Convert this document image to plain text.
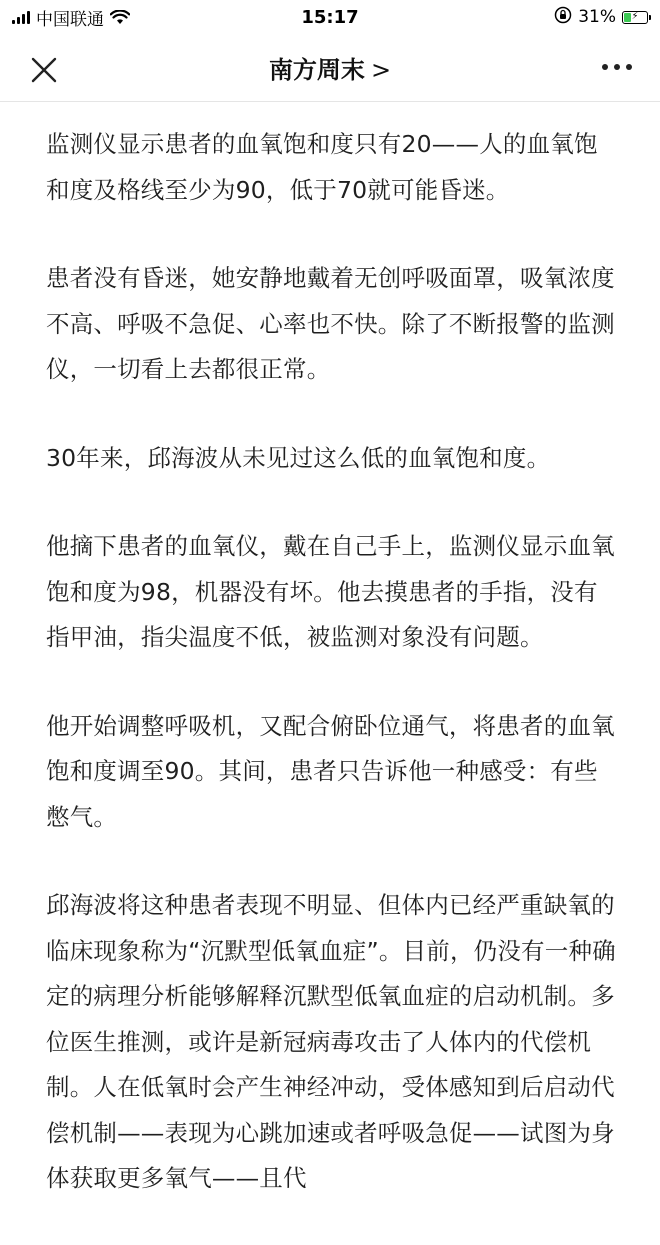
中国联通	15:17	31%	⚡
南方周末 >

监测仪显示患者的血氧饱和度只有20——人的血氧饱和度及格线至少为90，低于70就可能昏迷。

患者没有昏迷，她安静地戴着无创呼吸面罩，吸氧浓度不高、呼吸不急促、心率也不快。除了不断报警的监测仪，一切看上去都很正常。

30年来，邱海波从未见过这么低的血氧饱和度。

他摘下患者的血氧仪，戴在自己手上，监测仪显示血氧饱和度为98，机器没有坏。他去摸患者的手指，没有指甲油，指尖温度不低，被监测对象没有问题。

他开始调整呼吸机，又配合俯卧位通气，将患者的血氧饱和度调至90。其间，患者只告诉他一种感受：有些憋气。

邱海波将这种患者表现不明显、但体内已经严重缺氧的临床现象称为“沉默型低氧血症”。目前，仍没有一种确定的病理分析能够解释沉默型低氧血症的启动机制。多位医生推测，或许是新冠病毒攻击了人体内的代偿机制。人在低氧时会产生神经冲动，受体感知到后启动代偿机制——表现为心跳加速或者呼吸急促——试图为身体获取更多氧气——且代
